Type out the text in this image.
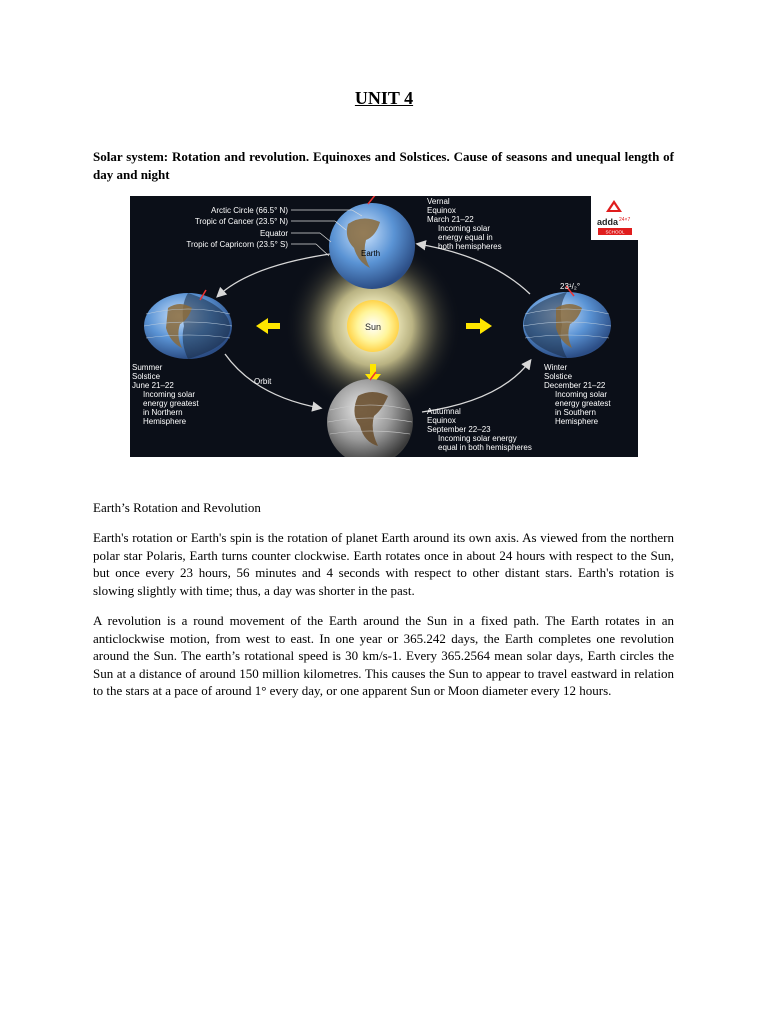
UNIT 4

Solar system: Rotation and revolution. Equinoxes and Solstices. Cause of seasons and unequal length of day and night

Sun
Earth
23¹/₂°
Arctic Circle (66.5° N)
Tropic of Cancer (23.5° N)
Equator
Tropic of Capricorn (23.5° S)
Vernal
Equinox
March 21–22
Incoming solar
energy equal in
both hemispheres
Summer
Solstice
June 21–22
Incoming solar
energy greatest
in Northern
Hemisphere
Orbit
Winter
Solstice
December 21–22
Incoming solar
energy greatest
in Southern
Hemisphere
Autumnal
Equinox
September 22–23
Incoming solar energy
equal in both hemispheres
adda 24×7
SCHOOL

Earth’s Rotation and Revolution

Earth's rotation or Earth's spin is the rotation of planet Earth around its own axis. As viewed from the northern polar star Polaris, Earth turns counter clockwise. Earth rotates once in about 24 hours with respect to the Sun, but once every 23 hours, 56 minutes and 4 seconds with respect to other distant stars. Earth's rotation is slowing slightly with time; thus, a day was shorter in the past.

A revolution is a round movement of the Earth around the Sun in a fixed path. The Earth rotates in an anticlockwise motion, from west to east. In one year or 365.242 days, the Earth completes one revolution around the Sun. The earth’s rotational speed is 30 km/s-1. Every 365.2564 mean solar days, Earth circles the Sun at a distance of around 150 million kilometres. This causes the Sun to appear to travel eastward in relation to the stars at a pace of around 1° every day, or one apparent Sun or Moon diameter every 12 hours.
